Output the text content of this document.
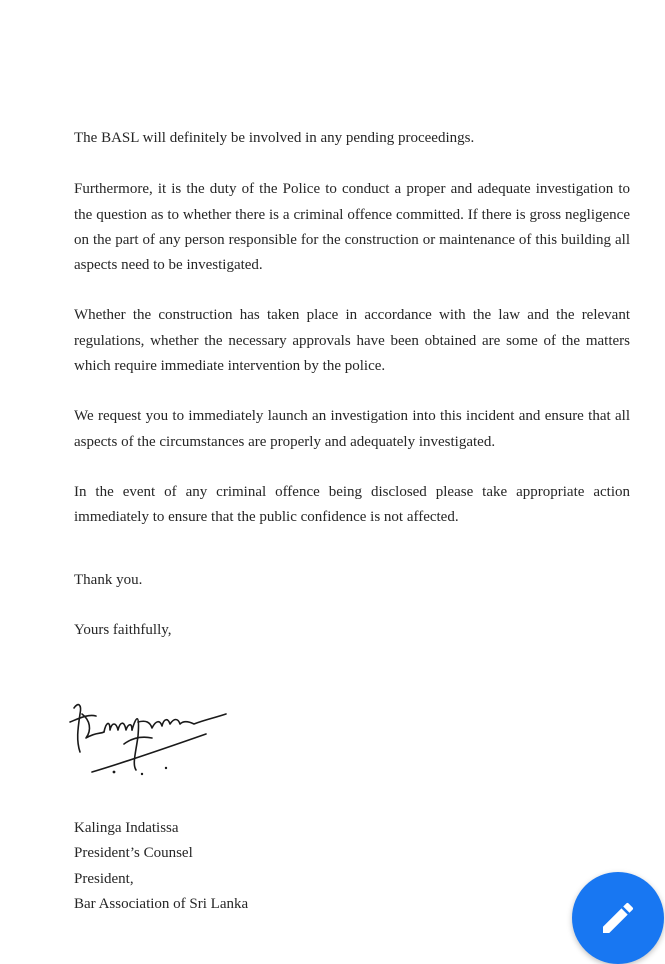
The BASL will definitely be involved in any pending proceedings.

Furthermore, it is the duty of the Police to conduct a proper and adequate investigation to the question as to whether there is a criminal offence committed. If there is gross negligence on the part of any person responsible for the construction or maintenance of this building all aspects need to be investigated.

Whether the construction has taken place in accordance with the law and the relevant regulations, whether the necessary approvals have been obtained are some of the matters which require immediate intervention by the police.

We request you to immediately launch an investigation into this incident and ensure that all aspects of the circumstances are properly and adequately investigated.

In the event of any criminal offence being disclosed please take appropriate action immediately to ensure that the public confidence is not affected.

Thank you.

Yours faithfully,

Kalinga Indatissa
President’s Counsel
President,
Bar Association of Sri Lanka
